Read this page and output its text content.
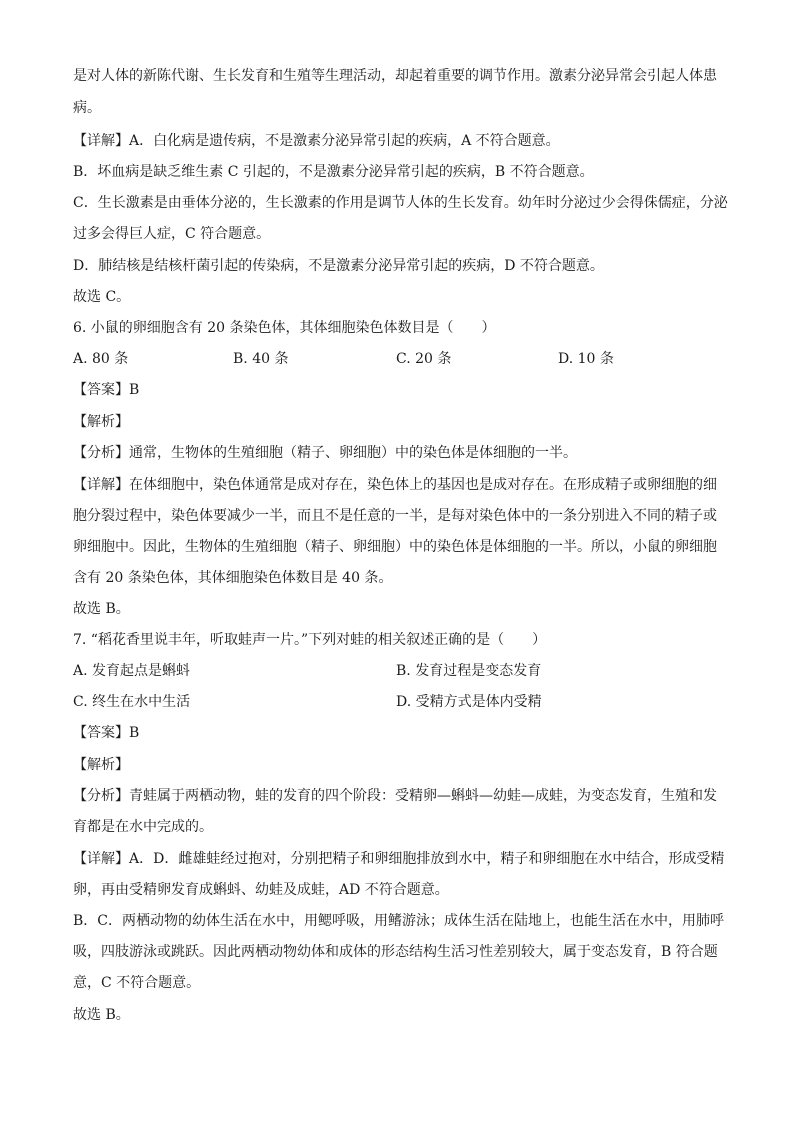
是对人体的新陈代谢、生长发育和生殖等生理活动，却起着重要的调节作用。激素分泌异常会引起人体患
病。
【详解】A．白化病是遗传病，不是激素分泌异常引起的疾病，A 不符合题意。
B．坏血病是缺乏维生素 C 引起的，不是激素分泌异常引起的疾病，B 不符合题意。
C．生长激素是由垂体分泌的，生长激素的作用是调节人体的生长发育。幼年时分泌过少会得侏儒症，分泌
过多会得巨人症，C 符合题意。
D．肺结核是结核杆菌引起的传染病，不是激素分泌异常引起的疾病，D 不符合题意。
故选 C。
6. 小鼠的卵细胞含有 20 条染色体，其体细胞染色体数目是（　　）
A. 80 条	B. 40 条	C. 20 条	D. 10 条
【答案】B
【解析】
【分析】通常，生物体的生殖细胞（精子、卵细胞）中的染色体是体细胞的一半。
【详解】在体细胞中，染色体通常是成对存在，染色体上的基因也是成对存在。在形成精子或卵细胞的细
胞分裂过程中，染色体要减少一半，而且不是任意的一半，是每对染色体中的一条分别进入不同的精子或
卵细胞中。因此，生物体的生殖细胞（精子、卵细胞）中的染色体是体细胞的一半。所以，小鼠的卵细胞
含有 20 条染色体，其体细胞染色体数目是 40 条。
故选 B。
7. “稻花香里说丰年，听取蛙声一片。”下列对蛙的相关叙述正确的是（　　）
A. 发育起点是蝌蚪	B. 发育过程是变态发育
C. 终生在水中生活	D. 受精方式是体内受精
【答案】B
【解析】
【分析】青蛙属于两栖动物，蛙的发育的四个阶段：受精卵—蝌蚪—幼蛙—成蛙，为变态发育，生殖和发
育都是在水中完成的。
【详解】A．D．雌雄蛙经过抱对，分别把精子和卵细胞排放到水中，精子和卵细胞在水中结合，形成受精
卵，再由受精卵发育成蝌蚪、幼蛙及成蛙，AD 不符合题意。
B．C．两栖动物的幼体生活在水中，用鳃呼吸，用鳍游泳；成体生活在陆地上，也能生活在水中，用肺呼
吸，四肢游泳或跳跃。因此两栖动物幼体和成体的形态结构生活习性差别较大，属于变态发育，B 符合题
意，C 不符合题意。
故选 B。
